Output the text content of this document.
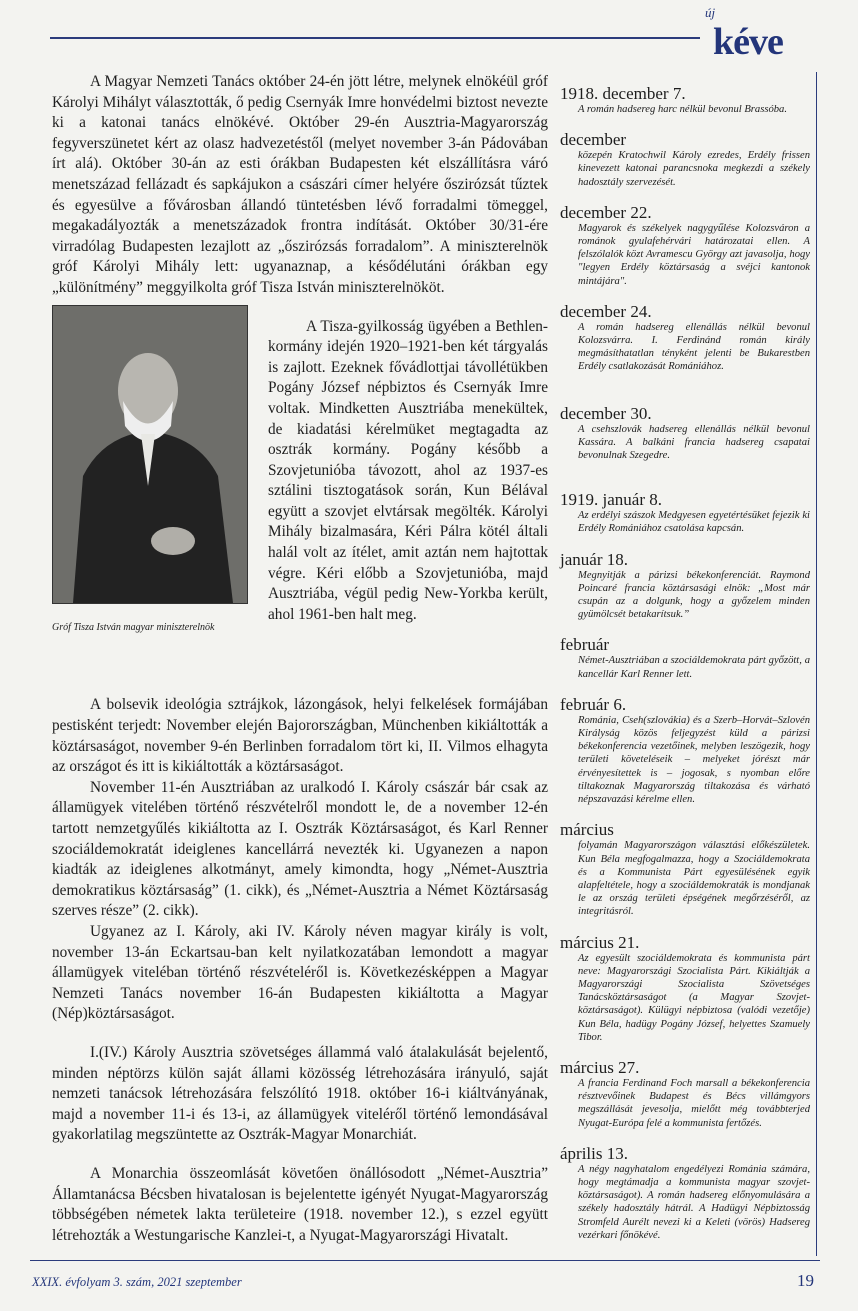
új
kéve

A Magyar Nemzeti Tanács október 24-én jött létre, melynek elnökéül gróf Károlyi Mihályt választották, ő pedig Csernyák Imre honvédelmi biztost nevezte ki a katonai tanács elnökévé. Október 29-én Ausztria-Magyarország fegyverszünetet kért az olasz hadvezetéstől (melyet november 3-án Pádovában írt alá). Október 30-án az esti órákban Budapesten két elszállításra váró menetszázad fellázadt és sapkájukon a császári címer helyére őszirózsát tűztek és egyesülve a fővárosban állandó tüntetésben lévő forradalmi tömeggel, megakadályozták a menetszázadok frontra indítását. Október 30/31-ére virradólag Budapesten lezajlott az „őszirózsás forradalom”. A miniszterelnök gróf Károlyi Mihály lett: ugyanaznap, a késődélutáni órákban egy „különítmény” meggyilkolta gróf Tisza István miniszterelnököt.

Gróf Tisza István magyar miniszterelnök

A Tisza-gyilkosság ügyében a Bethlen-kormány idején 1920–1921-ben két tárgyalás is zajlott. Ezeknek fővádlottjai távollétükben Pogány József népbiztos és Csernyák Imre voltak. Mindketten Ausztriába menekültek, de kiadatási kérelmüket megtagadta az osztrák kormány. Pogány később a Szovjetunióba távozott, ahol az 1937-es sztálini tisztogatások során, Kun Bélával együtt a szovjet elvtársak megölték. Károlyi Mihály bizalmasára, Kéri Pálra kötél általi halál volt az ítélet, amit aztán nem hajtottak végre. Kéri előbb a Szovjetunióba, majd Ausztriába, végül pedig New-Yorkba került, ahol 1961-ben halt meg.

A bolsevik ideológia sztrájkok, lázongások, helyi felkelések formájában pestisként terjedt: November elején Bajorországban, Münchenben kikiáltották a köztársaságot, november 9-én Berlinben forradalom tört ki, II. Vilmos elhagyta az országot és itt is kikiáltották a köztársaságot.

November 11-én Ausztriában az uralkodó I. Károly császár bár csak az államügyek vitelében történő részvételről mondott le, de a november 12-én tartott nemzetgyűlés kikiáltotta az I. Osztrák Köztársaságot, és Karl Renner szociáldemokratát ideiglenes kancellárrá nevezték ki. Ugyanezen a napon kiadták az ideiglenes alkotmányt, amely kimondta, hogy „Német-Ausztria demokratikus köztársaság” (1. cikk), és „Német-Ausztria a Német Köztársaság szerves része” (2. cikk).

Ugyanez az I. Károly, aki IV. Károly néven magyar király is volt, november 13-án Eckartsau-ban kelt nyilatkozatában lemondott a magyar államügyek viteléban történő részvételéről is. Következésképpen a Magyar Nemzeti Tanács november 16-án Budapesten kikiáltotta a Magyar (Nép)köztársaságot.

I.(IV.) Károly Ausztria szövetséges állammá való átalakulását bejelentő, minden néptörzs külön saját állami közösség létrehozására irányuló, saját nemzeti tanácsok létrehozására felszólító 1918. október 16-i kiáltványának, majd a november 11-i és 13-i, az államügyek viteléről történő lemondásával gyakorlatilag megszüntette az Osztrák-Magyar Monarchiát.

A Monarchia összeomlását követően önállósodott „Német-Ausztria” Államtanácsa Bécsben hivatalosan is bejelentette igényét Nyugat-Magyarország többségében németek lakta területeire (1918. november 12.), s ezzel együtt létrehozták a Westungarische Kanzlei-t, a Nyugat-Magyarországi Hivatalt.

1918. december 7.
A román hadsereg harc nélkül bevonul Brassóba.
december
közepén Kratochwil Károly ezredes, Erdély frissen kinevezett katonai parancsnoka megkezdi a székely hadosztály szervezését.
december 22.
Magyarok és székelyek nagygyűlése Kolozsváron a románok gyulafehérvári határozatai ellen. A felszólalók közt Avramescu György azt javasolja, hogy "legyen Erdély köztársaság a svéjci kantonok mintájára".
december 24.
A román hadsereg ellenállás nélkül bevonul Kolozsvárra. I. Ferdinánd román király megmásíthatatlan tényként jelenti be Bukarestben Erdély csatlakozását Romániához.
december 30.
A csehszlovák hadsereg ellenállás nélkül bevonul Kassára. A balkáni francia hadsereg csapatai bevonulnak Szegedre.
1919. január 8.
Az erdélyi szászok Medgyesen egyetértésüket fejezik ki Erdély Romániához csatolása kapcsán.
január 18.
Megnyitják a párizsi békekonferenciát. Raymond Poincaré francia köztársasági elnök: „Most már csupán az a dolgunk, hogy a győzelem minden gyümölcsét betakarítsuk.”
február
Német-Ausztriában a szociáldemokrata párt győzött, a kancellár Karl Renner lett.
február 6.
Románia, Cseh(szlovákia) és a Szerb–Horvát–Szlovén Királyság közös feljegyzést küld a párizsi békekonferencia vezetőinek, melyben leszögezik, hogy területi követeléseik – melyeket jórészt már érvényesítettek is – jogosak, s nyomban előre tiltakoznak Magyarország tiltakozása és várható népszavazási kérelme ellen.
március
folyamán Magyarországon választási előkészületek. Kun Béla megfogalmazza, hogy a Szociáldemokrata és a Kommunista Párt egyesülésének egyik alapfeltétele, hogy a szociáldemokraták is mondjanak le az ország területi épségének megőrzéséről, az integritásról.
március 21.
Az egyesült szociáldemokrata és kommunista párt neve: Magyarországi Szocialista Párt. Kikiáltják a Magyarországi Szocialista Szövetséges Tanácsköztársaságot (a Magyar Szovjet-köztársaságot). Külügyi népbiztosa (valódi vezetője) Kun Béla, hadügy Pogány József, helyettes Szamuely Tibor.
március 27.
A francia Ferdinand Foch marsall a békekonferencia résztvevőinek Budapest és Bécs villámgyors megszállását jevesolja, mielőtt még továbbterjed Nyugat-Európa felé a kommunista fertőzés.
április 13.
A négy nagyhatalom engedélyezi Románia számára, hogy megtámadja a kommunista magyar szovjet-köztársaságot). A román hadsereg előnyomulására a székely hadosztály hátrál. A Hadügyi Népbiztosság Stromfeld Aurélt nevezi ki a Keleti (vörös) Hadsereg vezérkari főnökévé.
XXIX. évfolyam 3. szám, 2021 szeptember	19
